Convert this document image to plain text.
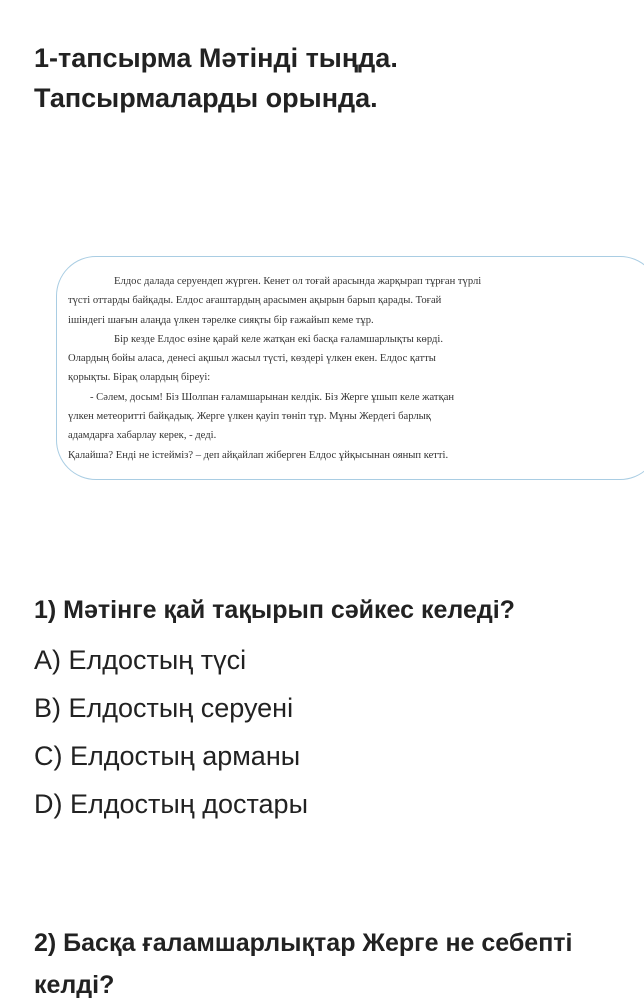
1-тапсырма Мәтінді тыңда.
Тапсырмаларды орында.

Елдос далада серуендеп жүрген. Кенет ол тоғай арасында жарқырап тұрған түрлі

түсті оттарды байқады. Елдос ағаштардың арасымен ақырын барып қарады. Тоғай

ішіндегі шағын алаңда үлкен тәрелке сияқты бір ғажайып кеме тұр.

Бір кезде Елдос өзіне қарай келе жатқан екі басқа ғаламшарлықты көрді.

Олардың бойы аласа, денесі ақшыл жасыл түсті, көздері үлкен екен. Елдос қатты

қорықты. Бірақ олардың біреуі:

- Сәлем, досым! Біз Шолпан ғаламшарынан келдік. Біз Жерге ұшып келе жатқан

үлкен метеоритті байқадық. Жерге үлкен қауіп төніп тұр. Мұны Жердегі барлық

адамдарға хабарлау керек, - деді.

Қалайша? Енді не істейміз? – деп айқайлап жіберген Елдос ұйқысынан оянып кетті.

1) Мәтінге қай тақырып сәйкес келеді?
A) Елдостың түсі
B) Елдостың серуені
C) Елдостың арманы
D) Елдостың достары
2) Басқа ғаламшарлықтар Жерге не себепті келді?
